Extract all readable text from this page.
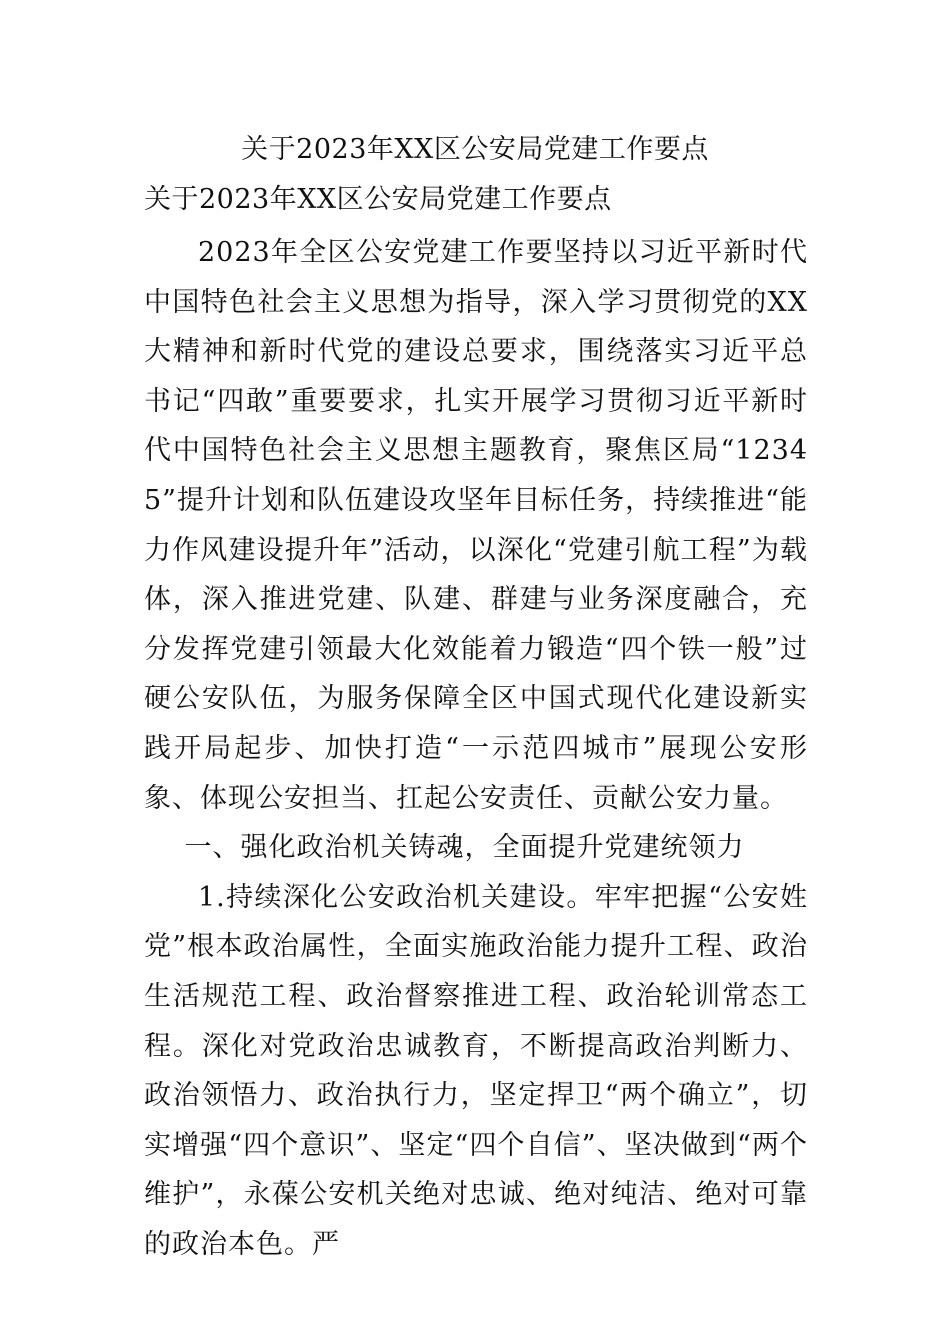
关于2023年XX区公安局党建工作要点
关于2023年XX区公安局党建工作要点

2023年全区公安党建工作要坚持以习近平新时代中国特色社会主义思想为指导，深入学习贯彻党的XX大精神和新时代党的建设总要求，围绕落实习近平总书记“四敢”重要要求，扎实开展学习贯彻习近平新时代中国特色社会主义思想主题教育，聚焦区局“12345”提升计划和队伍建设攻坚年目标任务，持续推进“能力作风建设提升年”活动，以深化“党建引航工程”为载体，深入推进党建、队建、群建与业务深度融合，充分发挥党建引领最大化效能着力锻造“四个铁一般”过硬公安队伍，为服务保障全区中国式现代化建设新实践开局起步、加快打造“一示范四城市”展现公安形象、体现公安担当、扛起公安责任、贡献公安力量。

一、强化政治机关铸魂，全面提升党建统领力

1.持续深化公安政治机关建设。牢牢把握“公安姓党”根本政治属性，全面实施政治能力提升工程、政治生活规范工程、政治督察推进工程、政治轮训常态工程。深化对党政治忠诚教育，不断提高政治判断力、政治领悟力、政治执行力，坚定捍卫“两个确立”，切实增强“四个意识”、坚定“四个自信”、坚决做到“两个维护”，永葆公安机关绝对忠诚、绝对纯洁、绝对可靠的政治本色。严
